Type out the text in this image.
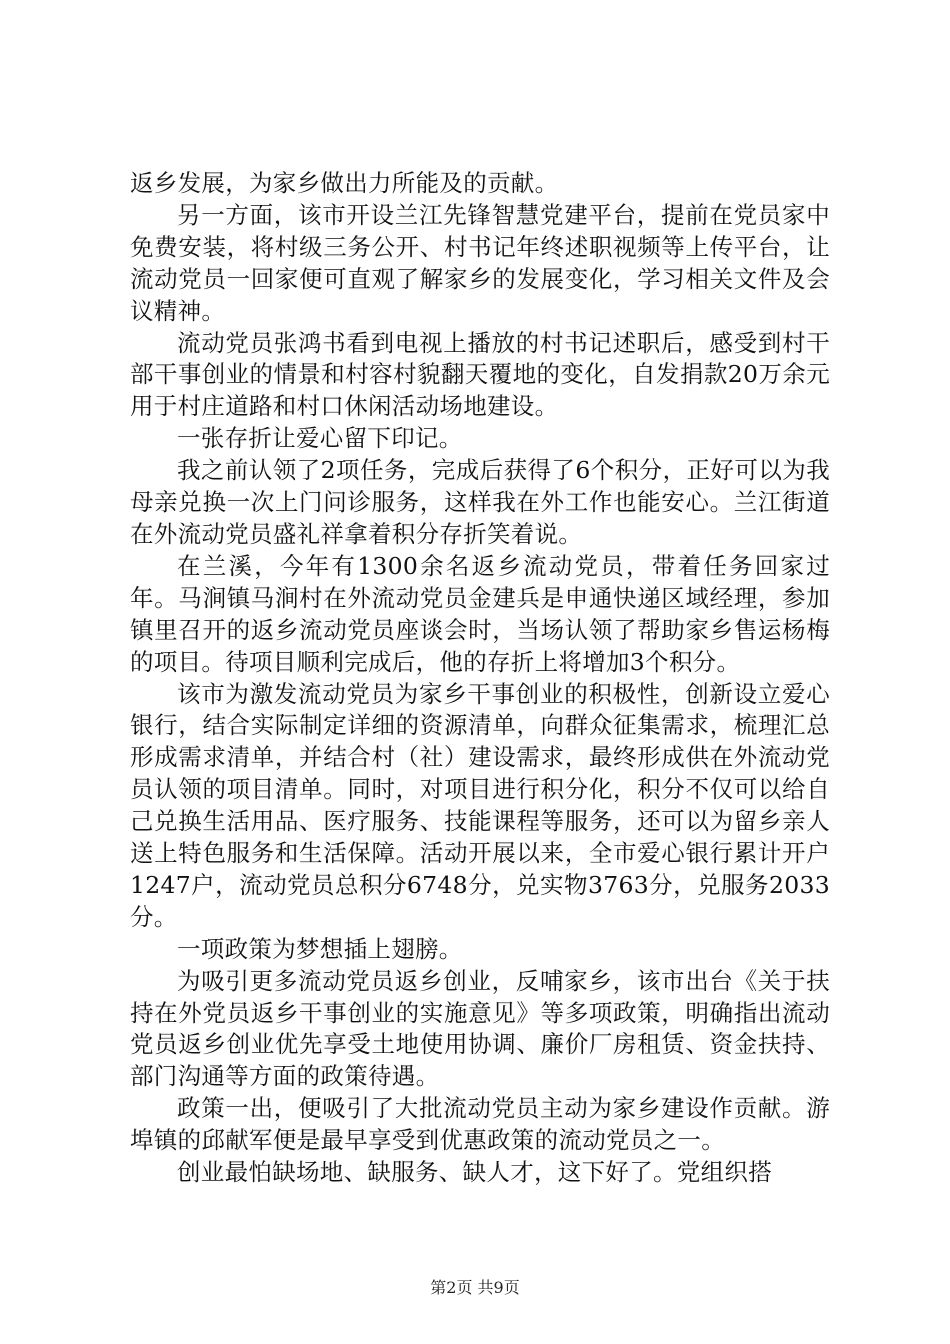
返乡发展，为家乡做出力所能及的贡献。

另一方面，该市开设兰江先锋智慧党建平台，提前在党员家中免费安装，将村级三务公开、村书记年终述职视频等上传平台，让流动党员一回家便可直观了解家乡的发展变化，学习相关文件及会议精神。

流动党员张鸿书看到电视上播放的村书记述职后，感受到村干部干事创业的情景和村容村貌翻天覆地的变化，自发捐款20万余元用于村庄道路和村口休闲活动场地建设。

一张存折让爱心留下印记。

我之前认领了2项任务，完成后获得了6个积分，正好可以为我母亲兑换一次上门问诊服务，这样我在外工作也能安心。兰江街道在外流动党员盛礼祥拿着积分存折笑着说。

在兰溪，今年有1300余名返乡流动党员，带着任务回家过年。马涧镇马涧村在外流动党员金建兵是申通快递区域经理，参加镇里召开的返乡流动党员座谈会时，当场认领了帮助家乡售运杨梅的项目。待项目顺利完成后，他的存折上将增加3个积分。

该市为激发流动党员为家乡干事创业的积极性，创新设立爱心银行，结合实际制定详细的资源清单，向群众征集需求，梳理汇总形成需求清单，并结合村（社）建设需求，最终形成供在外流动党员认领的项目清单。同时，对项目进行积分化，积分不仅可以给自己兑换生活用品、医疗服务、技能课程等服务，还可以为留乡亲人送上特色服务和生活保障。活动开展以来，全市爱心银行累计开户1247户，流动党员总积分6748分，兑实物3763分，兑服务2033分。

一项政策为梦想插上翅膀。

为吸引更多流动党员返乡创业，反哺家乡，该市出台《关于扶持在外党员返乡干事创业的实施意见》等多项政策，明确指出流动党员返乡创业优先享受土地使用协调、廉价厂房租赁、资金扶持、部门沟通等方面的政策待遇。

政策一出，便吸引了大批流动党员主动为家乡建设作贡献。游埠镇的邱献军便是最早享受到优惠政策的流动党员之一。

创业最怕缺场地、缺服务、缺人才，这下好了。党组织搭

第2页 共9页
